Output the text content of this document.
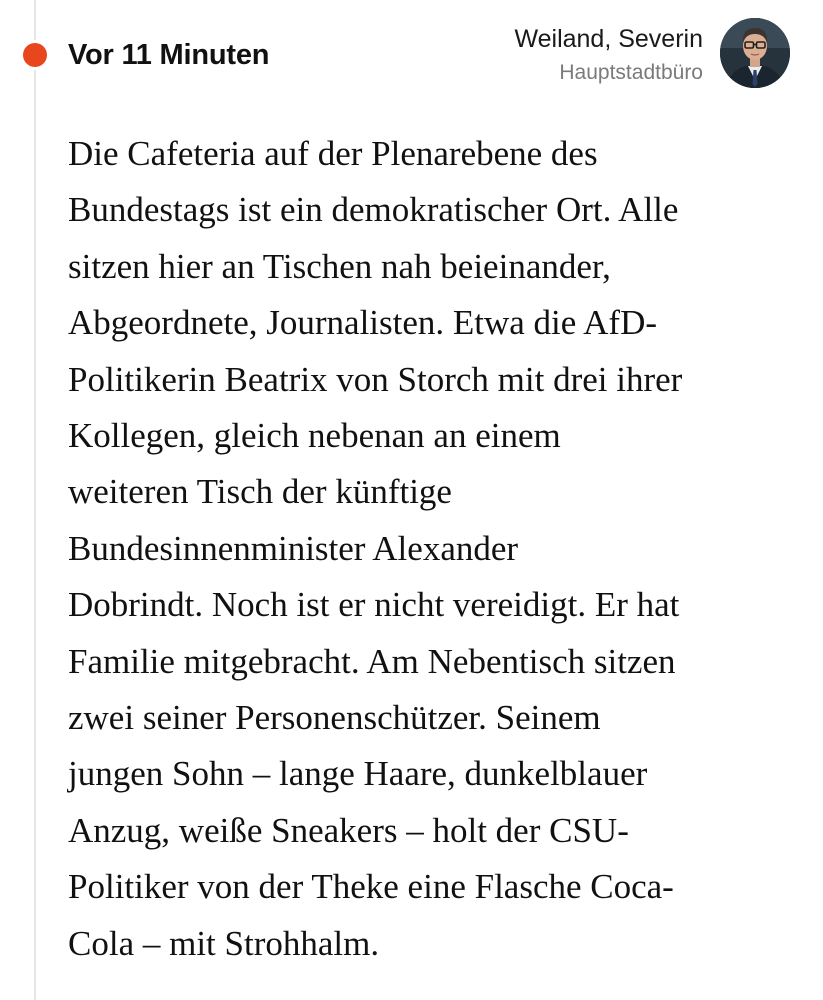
Vor 11 Minuten	Weiland, Severin
Hauptstadtbüro

Die Cafeteria auf der Plenarebene des
Bundestags ist ein demokratischer Ort. Alle
sitzen hier an Tischen nah beieinander,
Abgeordnete, Journalisten. Etwa die AfD-
Politikerin Beatrix von Storch mit drei ihrer
Kollegen, gleich nebenan an einem
weiteren Tisch der künftige
Bundesinnenminister Alexander
Dobrindt. Noch ist er nicht vereidigt. Er hat
Familie mitgebracht. Am Nebentisch sitzen
zwei seiner Personenschützer. Seinem
jungen Sohn – lange Haare, dunkelblauer
Anzug, weiße Sneakers – holt der CSU-
Politiker von der Theke eine Flasche Coca-
Cola – mit Strohhalm.
